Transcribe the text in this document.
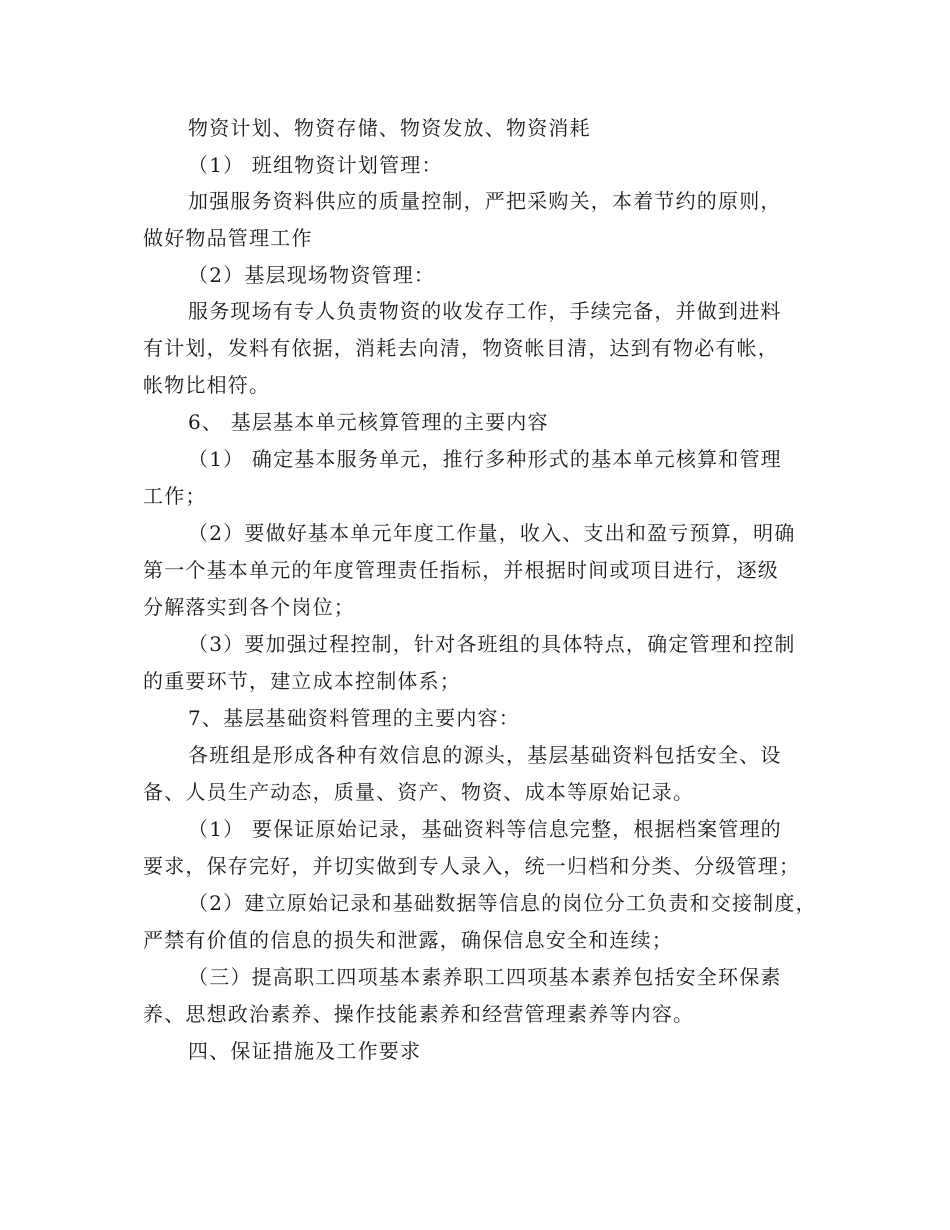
物资计划、物资存储、物资发放、物资消耗
（1） 班组物资计划管理：
加强服务资料供应的质量控制，严把采购关，本着节约的原则，
做好物品管理工作
（2）基层现场物资管理：
服务现场有专人负责物资的收发存工作，手续完备，并做到进料
有计划，发料有依据，消耗去向清，物资帐目清，达到有物必有帐，
帐物比相符。
6、 基层基本单元核算管理的主要内容
（1） 确定基本服务单元，推行多种形式的基本单元核算和管理
工作；
（2）要做好基本单元年度工作量，收入、支出和盈亏预算，明确
第一个基本单元的年度管理责任指标，并根据时间或项目进行，逐级
分解落实到各个岗位；
（3）要加强过程控制，针对各班组的具体特点，确定管理和控制
的重要环节，建立成本控制体系；
7、基层基础资料管理的主要内容：
各班组是形成各种有效信息的源头，基层基础资料包括安全、设
备、人员生产动态，质量、资产、物资、成本等原始记录。
（1） 要保证原始记录，基础资料等信息完整，根据档案管理的
要求，保存完好，并切实做到专人录入，统一归档和分类、分级管理；
（2）建立原始记录和基础数据等信息的岗位分工负责和交接制度，
严禁有价值的信息的损失和泄露，确保信息安全和连续；
（三）提高职工四项基本素养职工四项基本素养包括安全环保素
养、思想政治素养、操作技能素养和经营管理素养等内容。
四、保证措施及工作要求
